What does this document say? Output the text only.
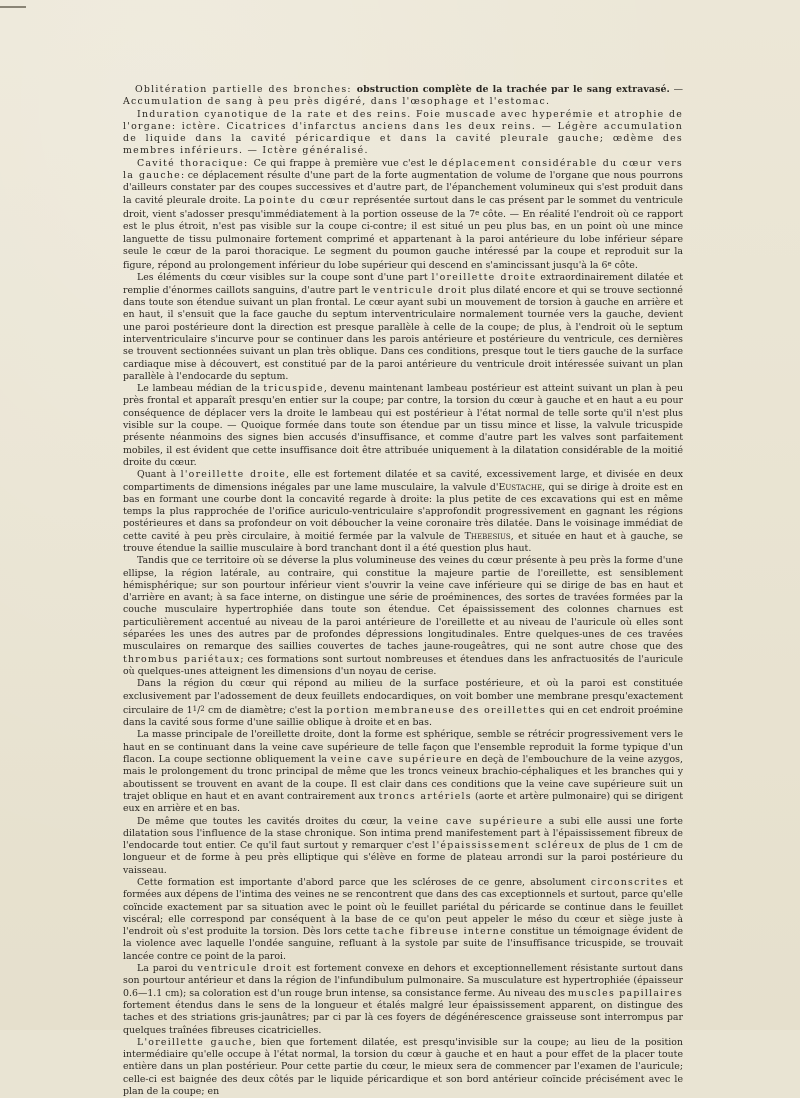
Oblitération partielle des bronches: obstruction complète de la trachée par le sang extravasé. — Accumulation de sang à peu près digéré, dans l'œsophage et l'estomac.

Induration cyanotique de la rate et des reins. Foie muscade avec hyperémie et atrophie de l'organe: ictère. Cicatrices d'infarctus anciens dans les deux reins. — Légère accumulation de liquide dans la cavité péricardique et dans la cavité pleurale gauche; œdème des membres inférieurs. — Ictère généralisé.

Cavité thoracique: Ce qui frappe à première vue c'est le déplacement considérable du cœur vers la gauche: ce déplacement résulte d'une part de la forte augmentation de volume de l'organe que nous pourrons d'ailleurs constater par des coupes successives et d'autre part, de l'épanchement volumineux qui s'est produit dans la cavité pleurale droite. La pointe du cœur représentée surtout dans le cas présent par le sommet du ventricule droit, vient s'adosser presqu'immédiatement à la portion osseuse de la 7e côte. — En réalité l'endroit où ce rapport est le plus étroit, n'est pas visible sur la coupe ci-contre; il est situé un peu plus bas, en un point où une mince languette de tissu pulmonaire fortement comprimé et appartenant à la paroi antérieure du lobe inférieur sépare seule le cœur de la paroi thoracique. Le segment du poumon gauche intéressé par la coupe et reproduit sur la figure, répond au prolongement inférieur du lobe supérieur qui descend en s'amincissant jusqu'à la 6e côte.

Les éléments du cœur visibles sur la coupe sont d'une part l'oreillette droite extraordinairement dilatée et remplie d'énormes caillots sanguins, d'autre part le ventricule droit plus dilaté encore et qui se trouve sectionné dans toute son étendue suivant un plan frontal. Le cœur ayant subi un mouvement de torsion à gauche en arrière et en haut, il s'ensuit que la face gauche du septum interventriculaire normalement tournée vers la gauche, devient une paroi postérieure dont la direction est presque parallèle à celle de la coupe; de plus, à l'endroit où le septum interventriculaire s'incurve pour se continuer dans les parois antérieure et postérieure du ventricule, ces dernières se trouvent sectionnées suivant un plan très oblique. Dans ces conditions, presque tout le tiers gauche de la surface cardiaque mise à découvert, est constitué par de la paroi antérieure du ventricule droit intéressée suivant un plan parallèle à l'endocarde du septum.

Le lambeau médian de la tricuspide, devenu maintenant lambeau postérieur est atteint suivant un plan à peu près frontal et apparaît presqu'en entier sur la coupe; par contre, la torsion du cœur à gauche et en haut a eu pour conséquence de déplacer vers la droite le lambeau qui est postérieur à l'état normal de telle sorte qu'il n'est plus visible sur la coupe. — Quoique formée dans toute son étendue par un tissu mince et lisse, la valvule tricuspide présente néanmoins des signes bien accusés d'insuffisance, et comme d'autre part les valves sont parfaitement mobiles, il est évident que cette insuffisance doit être attribuée uniquement à la dilatation considérable de la moitié droite du cœur.

Quant à l'oreillette droite, elle est fortement dilatée et sa cavité, excessivement large, et divisée en deux compartiments de dimensions inégales par une lame musculaire, la valvule d'Eustache, qui se dirige à droite est en bas en formant une courbe dont la concavité regarde à droite: la plus petite de ces excavations qui est en même temps la plus rapprochée de l'orifice auriculo-ventriculaire s'approfondit progressivement en gagnant les régions postérieures et dans sa profondeur on voit déboucher la veine coronaire très dilatée. Dans le voisinage immédiat de cette cavité à peu près circulaire, à moitié fermée par la valvule de Thebesius, et située en haut et à gauche, se trouve étendue la saillie musculaire à bord tranchant dont il a été question plus haut.

Tandis que ce territoire où se déverse la plus volumineuse des veines du cœur présente à peu près la forme d'une ellipse, la région latérale, au contraire, qui constitue la majeure partie de l'oreillette, est sensiblement hémisphérique; sur son pourtour inférieur vient s'ouvrir la veine cave inférieure qui se dirige de bas en haut et d'arrière en avant; à sa face interne, on distingue une série de proéminences, des sortes de travées formées par la couche musculaire hypertrophiée dans toute son étendue. Cet épaississement des colonnes charnues est particulièrement accentué au niveau de la paroi antérieure de l'oreillette et au niveau de l'auricule où elles sont séparées les unes des autres par de profondes dépressions longitudinales. Entre quelques-unes de ces travées musculaires on remarque des saillies couvertes de taches jaune-rougeâtres, qui ne sont autre chose que des thrombus pariétaux; ces formations sont surtout nombreuses et étendues dans les anfractuosités de l'auricule où quelques-unes atteignent les dimensions d'un noyau de cerise.

Dans la région du cœur qui répond au milieu de la surface postérieure, et où la paroi est constituée exclusivement par l'adossement de deux feuillets endocardiques, on voit bomber une membrane presqu'exactement circulaire de $1^1/^2$ cm de diamètre; c'est la portion membraneuse des oreillettes qui en cet endroit proémine dans la cavité sous forme d'une saillie oblique à droite et en bas.

La masse principale de l'oreillette droite, dont la forme est sphérique, semble se rétrécir progressivement vers le haut en se continuant dans la veine cave supérieure de telle façon que l'ensemble reproduit la forme typique d'un flacon. La coupe sectionne obliquement la veine cave supérieure en deçà de l'embouchure de la veine azygos, mais le prolongement du tronc principal de même que les troncs veineux brachio-céphaliques et les branches qui y aboutissent se trouvent en avant de la coupe. Il est clair dans ces conditions que la veine cave supérieure suit un trajet oblique en haut et en avant contrairement aux troncs artériels (aorte et artère pulmonaire) qui se dirigent eux en arrière et en bas.

De même que toutes les cavités droites du cœur, la veine cave supérieure a subi elle aussi une forte dilatation sous l'influence de la stase chronique. Son intima prend manifestement part à l'épaississement fibreux de l'endocarde tout entier. Ce qu'il faut surtout y remarquer c'est l'épaississement scléreux de plus de 1 cm de longueur et de forme à peu près elliptique qui s'élève en forme de plateau arrondi sur la paroi postérieure du vaisseau.

Cette formation est importante d'abord parce que les scléroses de ce genre, absolument circonscrites et formées aux dépens de l'intima des veines ne se rencontrent que dans des cas exceptionnels et surtout, parce qu'elle coïncide exactement par sa situation avec le point où le feuillet pariétal du péricarde se continue dans le feuillet viscéral; elle correspond par conséquent à la base de ce qu'on peut appeler le méso du cœur et siège juste à l'endroit où s'est produite la torsion. Dès lors cette tache fibreuse interne constitue un témoignage évident de la violence avec laquelle l'ondée sanguine, refluant à la systole par suite de l'insuffisance tricuspide, se trouvait lancée contre ce point de la paroi.

La paroi du ventricule droit est fortement convexe en dehors et exceptionnellement résistante surtout dans son pourtour antérieur et dans la région de l'infundibulum pulmonaire. Sa musculature est hypertrophiée (épaisseur 0.6—1.1 cm); sa coloration est d'un rouge brun intense, sa consistance ferme. Au niveau des muscles papillaires fortement étendus dans le sens de la longueur et étalés malgré leur épaississement apparent, on distingue des taches et des striations gris-jaunâtres; par ci par là ces foyers de dégénérescence graisseuse sont interrompus par quelques traînées fibreuses cicatricielles.

L'oreillette gauche, bien que fortement dilatée, est presqu'invisible sur la coupe; au lieu de la position intermédiaire qu'elle occupe à l'état normal, la torsion du cœur à gauche et en haut a pour effet de la placer toute entière dans un plan postérieur. Pour cette partie du cœur, le mieux sera de commencer par l'examen de l'auricule; celle-ci est baignée des deux côtés par le liquide péricardique et son bord antérieur coïncide précisément avec le plan de la coupe; en
